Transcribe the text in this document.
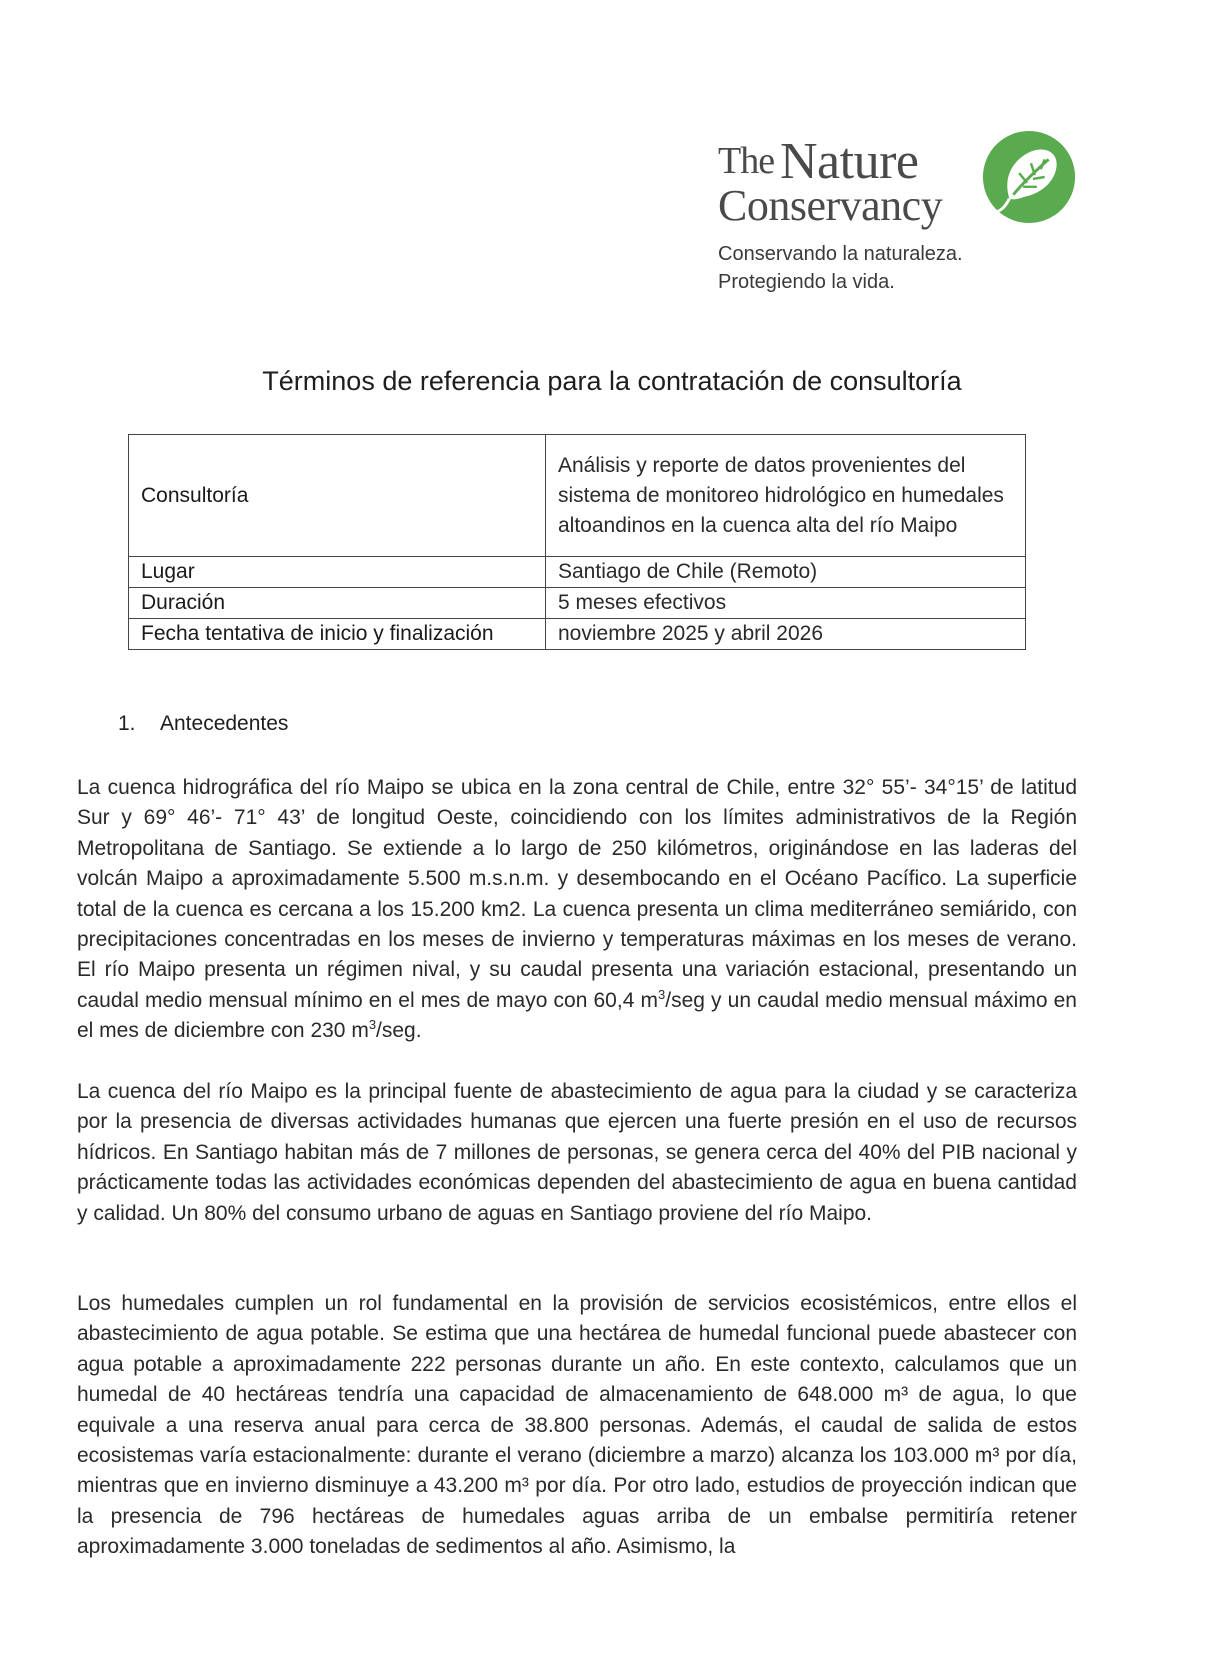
The Nature
Conservancy
Conservando la naturaleza.
Protegiendo la vida.
Términos de referencia para la contratación de consultoría
Consultoría	Análisis y reporte de datos provenientes del sistema de monitoreo hidrológico en humedales altoandinos en la cuenca alta del río Maipo
Lugar	Santiago de Chile (Remoto)
Duración	5 meses efectivos
Fecha tentativa de inicio y finalización	noviembre 2025 y abril 2026
1. Antecedentes

La cuenca hidrográfica del río Maipo se ubica en la zona central de Chile, entre 32° 55’- 34°15’ de latitud Sur y 69° 46’- 71° 43’ de longitud Oeste, coincidiendo con los límites administrativos de la Región Metropolitana de Santiago. Se extiende a lo largo de 250 kilómetros, originándose en las laderas del volcán Maipo a aproximadamente 5.500 m.s.n.m. y desembocando en el Océano Pacífico. La superficie total de la cuenca es cercana a los 15.200 km2. La cuenca presenta un clima mediterráneo semiárido, con precipitaciones concentradas en los meses de invierno y temperaturas máximas en los meses de verano. El río Maipo presenta un régimen nival, y su caudal presenta una variación estacional, presentando un caudal medio mensual mínimo en el mes de mayo con 60,4 $m^3$/seg y un caudal medio mensual máximo en el mes de diciembre con 230 $m^3$/seg.

La cuenca del río Maipo es la principal fuente de abastecimiento de agua para la ciudad y se caracteriza por la presencia de diversas actividades humanas que ejercen una fuerte presión en el uso de recursos hídricos. En Santiago habitan más de 7 millones de personas, se genera cerca del 40% del PIB nacional y prácticamente todas las actividades económicas dependen del abastecimiento de agua en buena cantidad y calidad. Un 80% del consumo urbano de aguas en Santiago proviene del río Maipo.

Los humedales cumplen un rol fundamental en la provisión de servicios ecosistémicos, entre ellos el abastecimiento de agua potable. Se estima que una hectárea de humedal funcional puede abastecer con agua potable a aproximadamente 222 personas durante un año. En este contexto, calculamos que un humedal de 40 hectáreas tendría una capacidad de almacenamiento de 648.000 m³ de agua, lo que equivale a una reserva anual para cerca de 38.800 personas. Además, el caudal de salida de estos ecosistemas varía estacionalmente: durante el verano (diciembre a marzo) alcanza los 103.000 m³ por día, mientras que en invierno disminuye a 43.200 m³ por día. Por otro lado, estudios de proyección indican que la presencia de 796 hectáreas de humedales aguas arriba de un embalse permitiría retener aproximadamente 3.000 toneladas de sedimentos al año. Asimismo, la
